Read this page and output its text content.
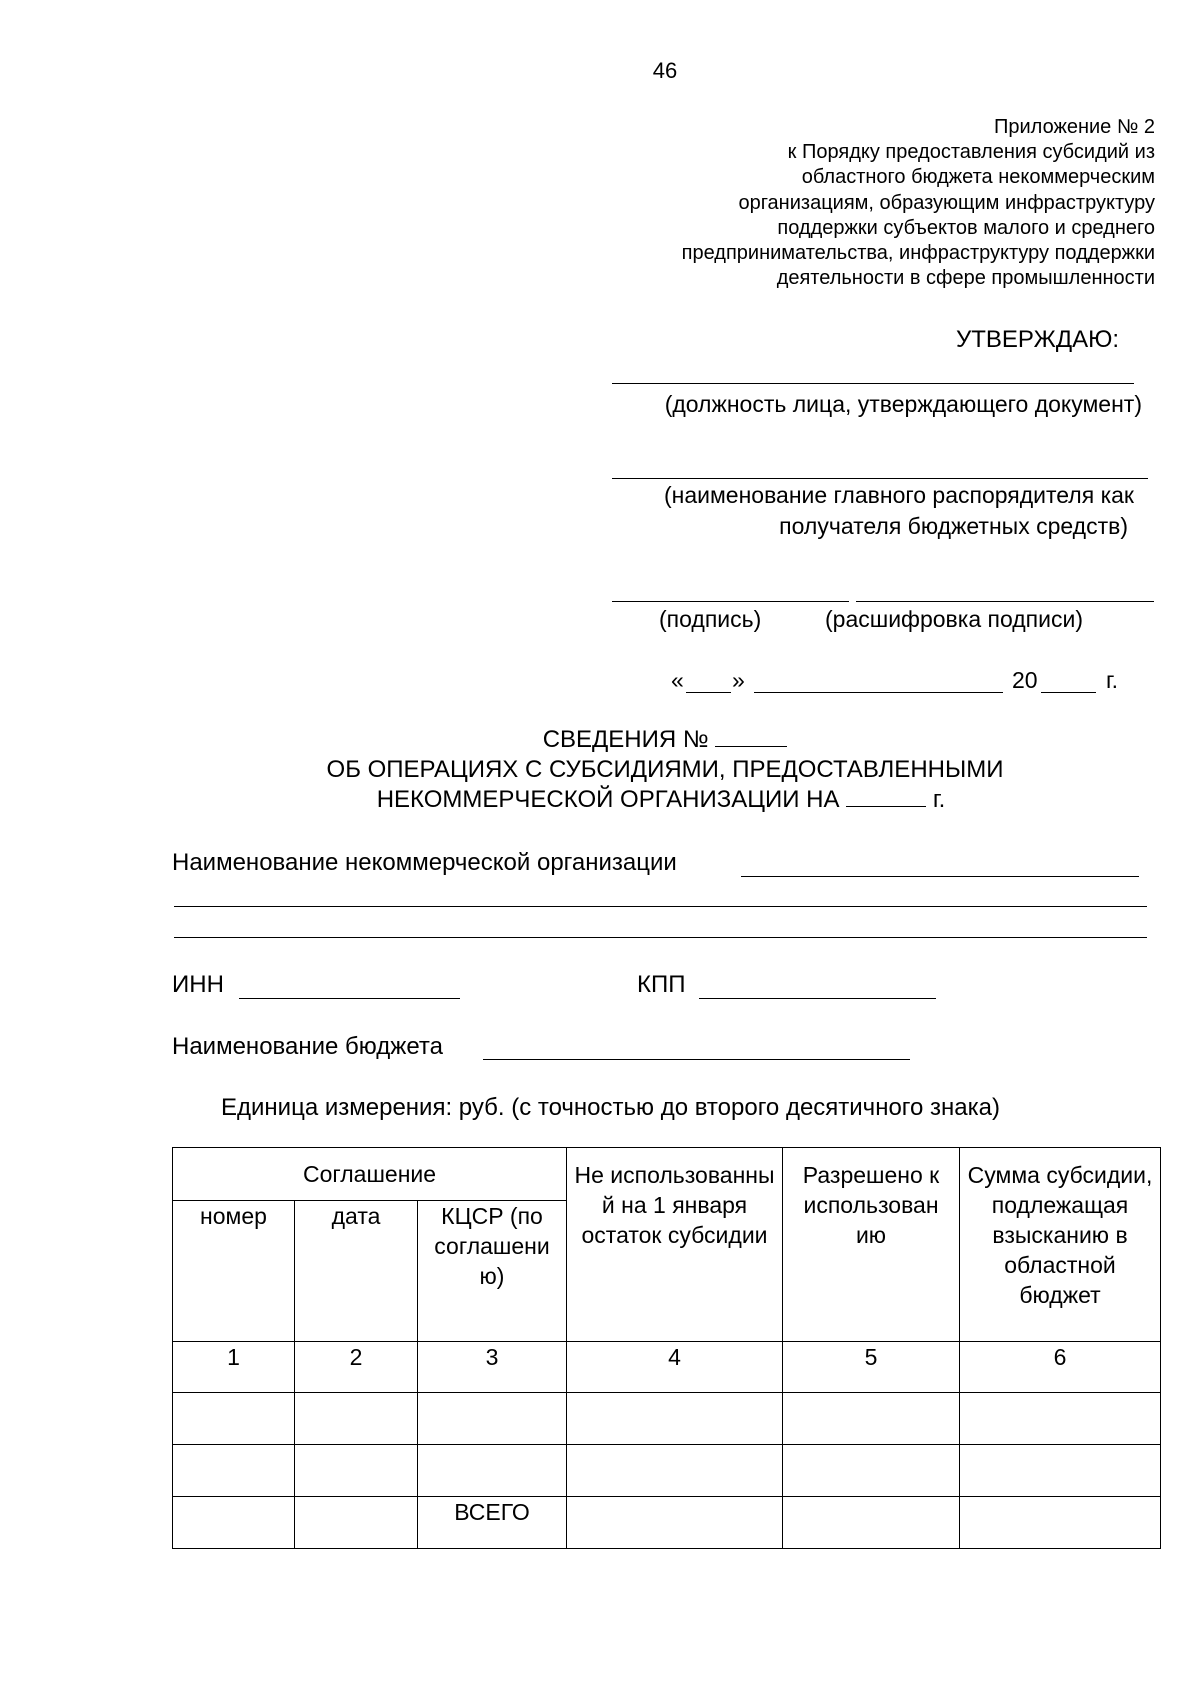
46
Приложение № 2
к Порядку предоставления субсидий из
областного бюджета некоммерческим
организациям, образующим инфраструктуру
поддержки субъектов малого и среднего
предпринимательства, инфраструктуру поддержки
деятельности в сфере промышленности
УТВЕРЖДАЮ:
(должность лица, утверждающего документ)
(наименование главного распорядителя как
получателя бюджетных средств)
(подпись)	(расшифровка подписи)
« »	20	г.
СВЕДЕНИЯ №
ОБ ОПЕРАЦИЯХ С СУБСИДИЯМИ, ПРЕДОСТАВЛЕННЫМИ
НЕКОММЕРЧЕСКОЙ ОРГАНИЗАЦИИ НА	г.
Наименование некоммерческой организации
ИНН	КПП
Наименование бюджета
Единица измерения: руб. (с точностью до второго десятичного знака)
Соглашение			Не использованны й на 1 января остаток субсидии	Разрешено к использован ию	Сумма субсидии, подлежащая взысканию в областной бюджет
номер	дата	КЦСР (по соглашени ю)			
1	2	3	4	5	6

		ВСЕГО			
